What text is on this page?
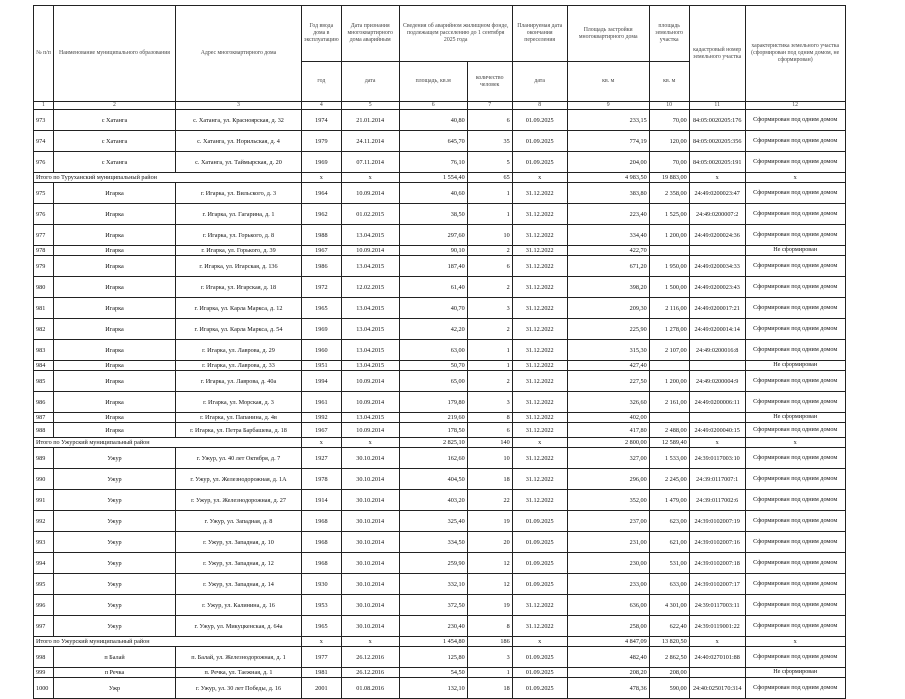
№ п/п	Наименование муниципального образования	Адрес многоквартирного дома	Год ввода дома в эксплуатацию	Дата признания многоквартирного дома аварийным	Сведения об аварийном жилищном фонде, подлежащем расселению до 1 сентября 2025 года		Планируемая дата окончания переселения	Площадь застройки многоквартирного дома	площадь земельного участка	кадастровый номер земельного участка	характеристика земельного участка (сформирован под одним домом, не сформирован)
			год	дата	площадь, кв.м	количество человек	дата	кв. м	кв. м		
1	2	3	4	5	6	7	8	9	10	11	12
973	с Хатанга	с. Хатанга, ул. Красноярская, д. 32	1974	21.01.2014	40,80	6	01.09.2025	233,15	70,00	84:05:0020205:176	Сформирован под одним домом
974	с Хатанга	с. Хатанга, ул. Норильская, д. 4	1979	24.11.2014	645,70	35	01.09.2025	774,19	120,00	84:05:0020205:356	Сформирован под одним домом
976	с Хатанга	с. Хатанга, ул. Таймырская, д. 20	1969	07.11.2014	76,10	5	01.09.2025	204,00	70,00	84:05:0020205:191	Сформирован под одним домом
Итого по Туруханский муниципальный район			х	х	1 554,40	65	х	4 983,50	19 883,00	х	х
975	Игарка	г. Игарка, ул. Вильского, д. 3	1964	10.09.2014	40,60	1	31.12.2022	383,80	2 358,00	24:49:0200023:47	Сформирован под одним домом
976	Игарка	г. Игарка, ул. Гагарина, д. 1	1962	01.02.2015	38,50	1	31.12.2022	223,40	1 525,00	24:49:0200007:2	Сформирован под одним домом
977	Игарка	г. Игарка, ул. Горького, д. 8	1988	13.04.2015	297,60	10	31.12.2022	334,40	1 200,00	24:49:0200024:36	Сформирован под одним домом
978	Игарка	г. Игарка, ул. Горького, д. 39	1967	10.09.2014	90,10	2	31.12.2022	422,70			Не сформирован
979	Игарка	г. Игарка, ул. Игарская, д. 136	1986	13.04.2015	187,40	6	31.12.2022	671,20	1 950,00	24:49:0200034:33	Сформирован под одним домом
980	Игарка	г. Игарка, ул. Игарская, д. 18	1972	12.02.2015	61,40	2	31.12.2022	398,20	1 500,00	24:49:0200023:43	Сформирован под одним домом
981	Игарка	г. Игарка, ул. Карла Маркса, д. 12	1965	13.04.2015	40,70	3	31.12.2022	209,30	2 116,00	24:49:0200017:21	Сформирован под одним домом
982	Игарка	г. Игарка, ул. Карла Маркса, д. 54	1969	13.04.2015	42,20	2	31.12.2022	225,90	1 278,00	24:49:0200014:14	Сформирован под одним домом
983	Игарка	г. Игарка, ул. Лаврова, д. 29	1960	13.04.2015	63,00	1	31.12.2022	315,30	2 107,00	24:49:0200016:8	Сформирован под одним домом
984	Игарка	г. Игарка, ул. Лаврова, д. 33	1951	13.04.2015	50,70	1	31.12.2022	427,40			Не сформирован
985	Игарка	г. Игарка, ул. Лаврова, д. 40а	1994	10.09.2014	65,00	2	31.12.2022	227,50	1 200,00	24:49:0200004:9	Сформирован под одним домом
986	Игарка	г. Игарка, ул. Морская, д. 3	1961	10.09.2014	179,80	3	31.12.2022	326,60	2 161,00	24:49:0200006:11	Сформирован под одним домом
987	Игарка	г. Игарка, ул. Папанина, д. 4в	1992	13.04.2015	219,60	8	31.12.2022	402,00			Не сформирован
988	Игарка	г. Игарка, ул. Петра Барбашева, д. 18	1967	10.09.2014	178,50	6	31.12.2022	417,80	2 488,00	24:49:0200040:15	Сформирован под одним домом
Итого по Ужурский муниципальный район			х	х	2 825,10	140	х	2 800,00	12 589,40	х	х
989	Ужур	г. Ужур, ул. 40 лет Октября, д. 7	1927	30.10.2014	162,60	10	31.12.2022	327,00	1 533,00	24:39:0117003:10	Сформирован под одним домом
990	Ужур	г. Ужур, ул. Железнодорожная, д. 1А	1978	30.10.2014	404,50	18	31.12.2022	296,00	2 245,00	24:39:0117007:1	Сформирован под одним домом
991	Ужур	г. Ужур, ул. Железнодорожная, д. 27	1914	30.10.2014	403,20	22	31.12.2022	352,00	1 479,00	24:39:0117002:6	Сформирован под одним домом
992	Ужур	г. Ужур, ул. Западная, д. 8	1968	30.10.2014	325,40	19	01.09.2025	237,00	623,00	24:39:0102007:19	Сформирован под одним домом
993	Ужур	г. Ужур, ул. Западная, д. 10	1968	30.10.2014	334,50	20	01.09.2025	231,00	621,00	24:39:0102007:16	Сформирован под одним домом
994	Ужур	г. Ужур, ул. Западная, д. 12	1968	30.10.2014	259,90	12	01.09.2025	230,00	531,00	24:39:0102007:18	Сформирован под одним домом
995	Ужур	г. Ужур, ул. Западная, д. 14	1930	30.10.2014	332,10	12	01.09.2025	233,00	633,00	24:39:0102007:17	Сформирован под одним домом
996	Ужур	г. Ужур, ул. Калинина, д. 16	1953	30.10.2014	372,50	19	31.12.2022	636,00	4 301,00	24:39:0117003:11	Сформирован под одним домом
997	Ужур	г. Ужур, ул. Микуцкенская, д. 64а	1965	30.10.2014	230,40	8	31.12.2022	258,00	622,40	24:39:0119001:22	Сформирован под одним домом
Итого по Ужурский муниципальный район			х	х	1 454,80	186	х	4 847,09	13 820,50	х	х
998	п Балай	п. Балай, ул. Железнодорожная, д. 1	1977	26.12.2016	125,80	3	01.09.2025	482,40	2 862,50	24:40:0270101:88	Сформирован под одним домом
999	п Речка	п. Речка, ул. Таежная, д. 1	1981	26.12.2016	54,50	1	01.09.2025	208,20	208,00		Не сформирован
1000	Ужр	г. Ужур, ул. 30 лет Победы, д. 16	2001	01.08.2016	132,10	18	01.09.2025	478,36	590,00	24:40:0250170:314	Сформирован под одним домом
